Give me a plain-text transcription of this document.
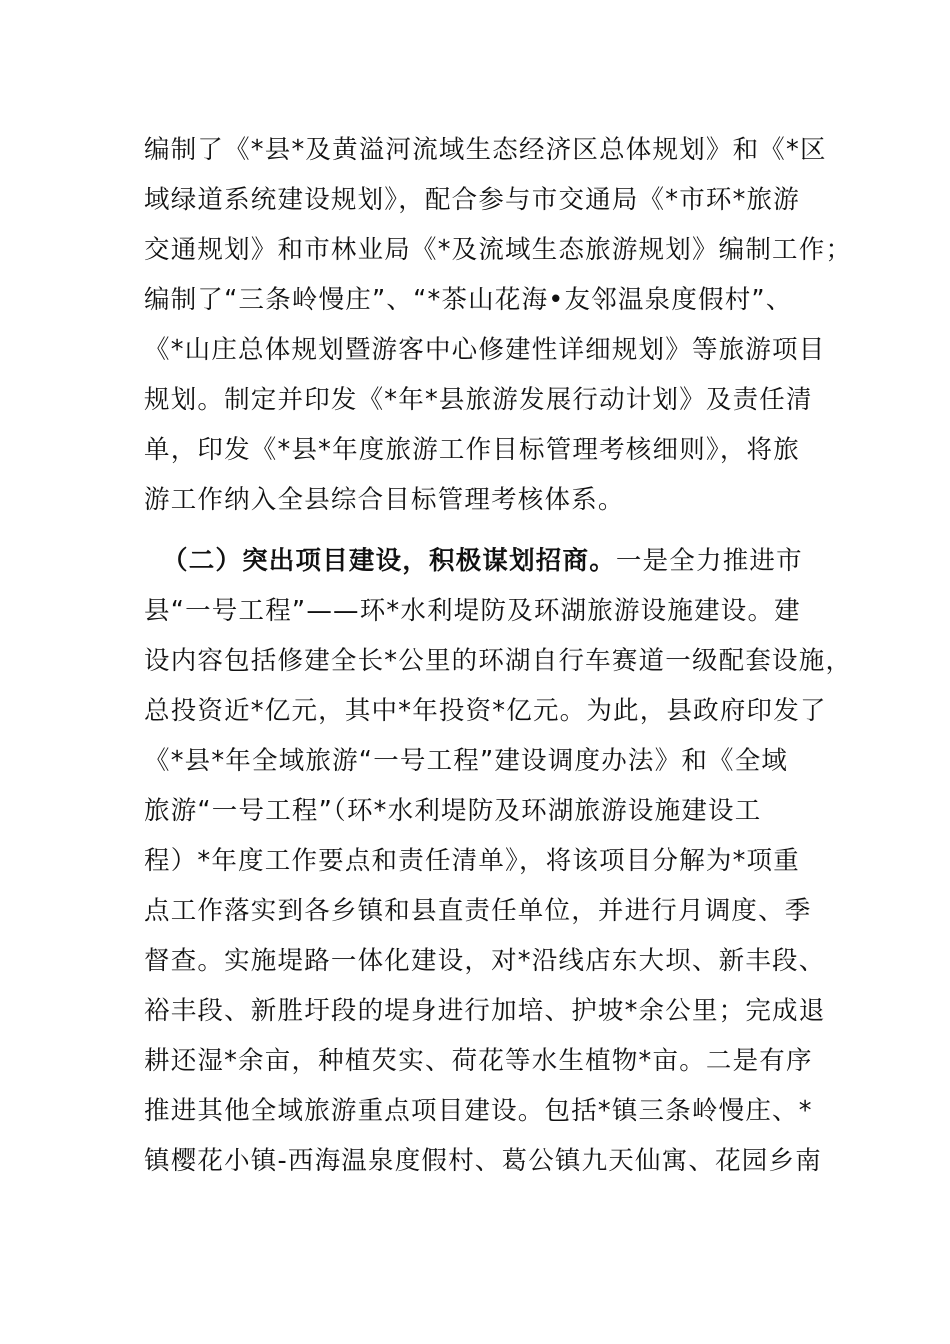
编制了《*县*及黄溢河流域生态经济区总体规划》和《*区
域绿道系统建设规划》，配合参与市交通局《*市环*旅游
交通规划》和市林业局《*及流域生态旅游规划》编制工作；
编制了“三条岭慢庄”、“*茶山花海•友邻温泉度假村”、
《*山庄总体规划暨游客中心修建性详细规划》等旅游项目
规划。制定并印发《*年*县旅游发展行动计划》及责任清
单，印发《*县*年度旅游工作目标管理考核细则》，将旅
游工作纳入全县综合目标管理考核体系。
（二）突出项目建设，积极谋划招商。一是全力推进市
县“一号工程”——环*水利堤防及环湖旅游设施建设。建
设内容包括修建全长*公里的环湖自行车赛道一级配套设施，
总投资近*亿元，其中*年投资*亿元。为此，县政府印发了
《*县*年全域旅游“一号工程”建设调度办法》和《全域
旅游“一号工程”（环*水利堤防及环湖旅游设施建设工
程）*年度工作要点和责任清单》，将该项目分解为*项重
点工作落实到各乡镇和县直责任单位，并进行月调度、季
督查。实施堤路一体化建设，对*沿线店东大坝、新丰段、
裕丰段、新胜圩段的堤身进行加培、护坡*余公里；完成退
耕还湿*余亩，种植芡实、荷花等水生植物*亩。二是有序
推进其他全域旅游重点项目建设。包括*镇三条岭慢庄、*
镇樱花小镇-西海温泉度假村、葛公镇九天仙寓、花园乡南
